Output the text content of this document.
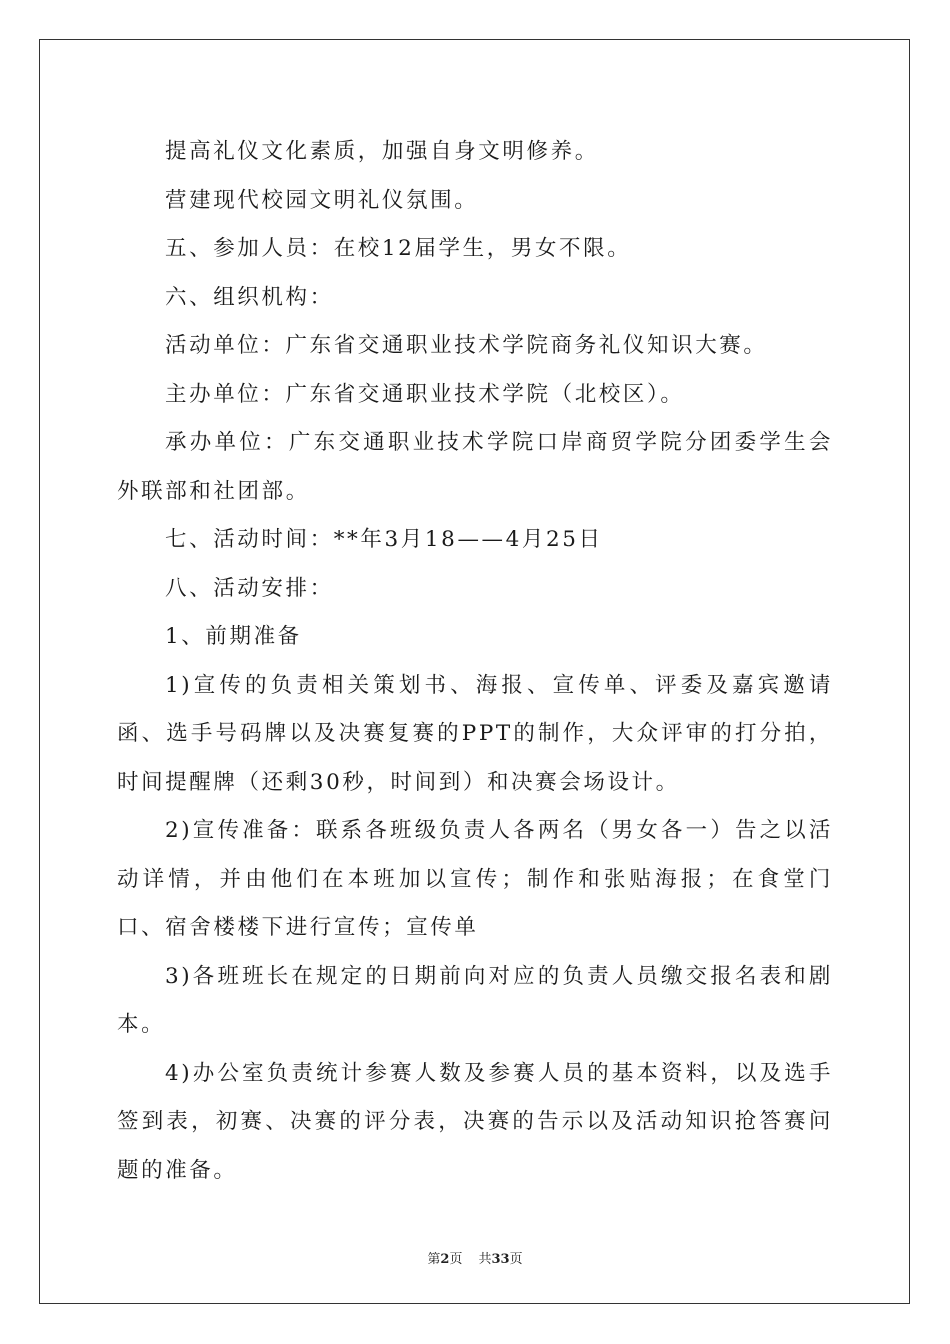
提高礼仪文化素质，加强自身文明修养。

营建现代校园文明礼仪氛围。

五、参加人员：在校12届学生，男女不限。

六、组织机构：

活动单位：广东省交通职业技术学院商务礼仪知识大赛。

主办单位：广东省交通职业技术学院（北校区）。

承办单位：广东交通职业技术学院口岸商贸学院分团委学生会外联部和社团部。

七、活动时间：**年3月18——4月25日

八、活动安排：

1、前期准备

1)宣传的负责相关策划书、海报、宣传单、评委及嘉宾邀请函、选手号码牌以及决赛复赛的PPT的制作，大众评审的打分拍，时间提醒牌（还剩30秒，时间到）和决赛会场设计。

2)宣传准备：联系各班级负责人各两名（男女各一）告之以活动详情，并由他们在本班加以宣传；制作和张贴海报；在食堂门口、宿舍楼楼下进行宣传；宣传单

3)各班班长在规定的日期前向对应的负责人员缴交报名表和剧本。

4)办公室负责统计参赛人数及参赛人员的基本资料，以及选手签到表，初赛、决赛的评分表，决赛的告示以及活动知识抢答赛问题的准备。

第2页 共33页
